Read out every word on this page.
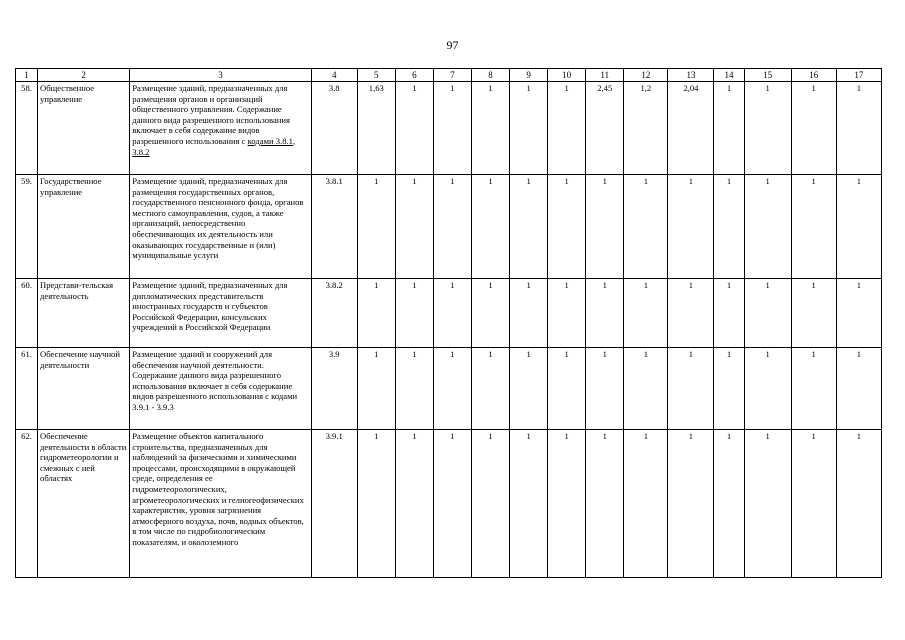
97
1	2	3	4	5	6	7	8	9	10	11	12	13	14	15	16	17
58.	Общественное управление	Размещение зданий, предназначенных для размещения органов и организаций общественного управления. Содержание данного вида разрешенного использования включает в себя содержание видов разрешенного использования с кодами 3.8.1, 3.8.2	3.8	1,63	1	1	1	1	1	2,45	1,2	2,04	1	1	1	1
59.	Государственное управление	Размещение зданий, предназначенных для размещения государственных органов, государственного пенсионного фонда, органов местного самоуправления, судов, а также организаций, непосредственно обеспечивающих их деятельность или оказывающих государственные и (или) муниципальные услуги	3.8.1	1	1	1	1	1	1	1	1	1	1	1	1	1
60.	Представи-тельская деятельность	Размещение зданий, предназначенных для дипломатических представительств иностранных государств и субъектов Российской Федерации, консульских учреждений в Российской Федерации	3.8.2	1	1	1	1	1	1	1	1	1	1	1	1	1
61.	Обеспечение научной деятельности	Размещение зданий и сооружений для обеспечения научной деятельности. Содержание данного вида разрешенного использования включает в себя содержание видов разрешенного использования с кодами 3.9.1 - 3.9.3	3.9	1	1	1	1	1	1	1	1	1	1	1	1	1
62.	Обеспечение деятельности в области гидрометеорологии и смежных с ней областях	Размещение объектов капитального строительства, предназначенных для наблюдений за физическими и химическими процессами, происходящими в окружающей среде, определения ее гидрометеорологических, агрометеорологических и гелиогеофизических характеристик, уровня загрязнения атмосферного воздуха, почв, водных объектов, в том числе по гидробиологическим показателям, и околоземного	3.9.1	1	1	1	1	1	1	1	1	1	1	1	1	1
